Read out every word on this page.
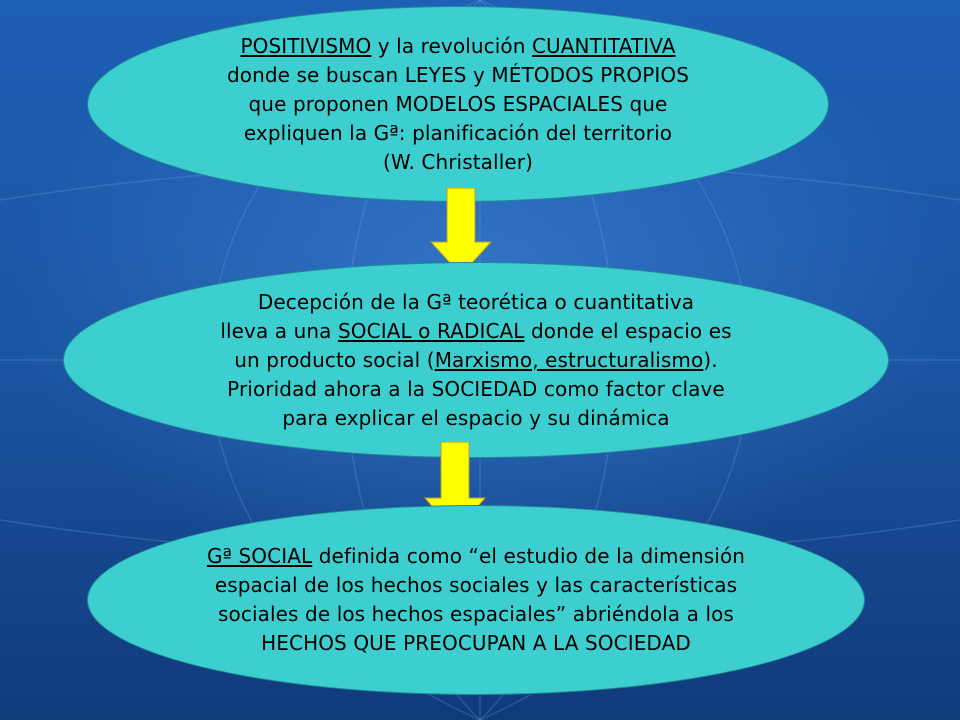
POSITIVISMO y la revolución CUANTITATIVA
donde se buscan LEYES y MÉTODOS PROPIOS
que proponen MODELOS ESPACIALES que
expliquen la Gª: planificación del territorio
(W. Christaller)
Decepción de la Gª teorética o cuantitativa
lleva a una SOCIAL o RADICAL donde el espacio es
un producto social (Marxismo, estructuralismo).
Prioridad ahora a la SOCIEDAD como factor clave
para explicar el espacio y su dinámica
Gª SOCIAL definida como “el estudio de la dimensión
espacial de los hechos sociales y las características
sociales de los hechos espaciales” abriéndola a los
HECHOS QUE PREOCUPAN A LA SOCIEDAD
